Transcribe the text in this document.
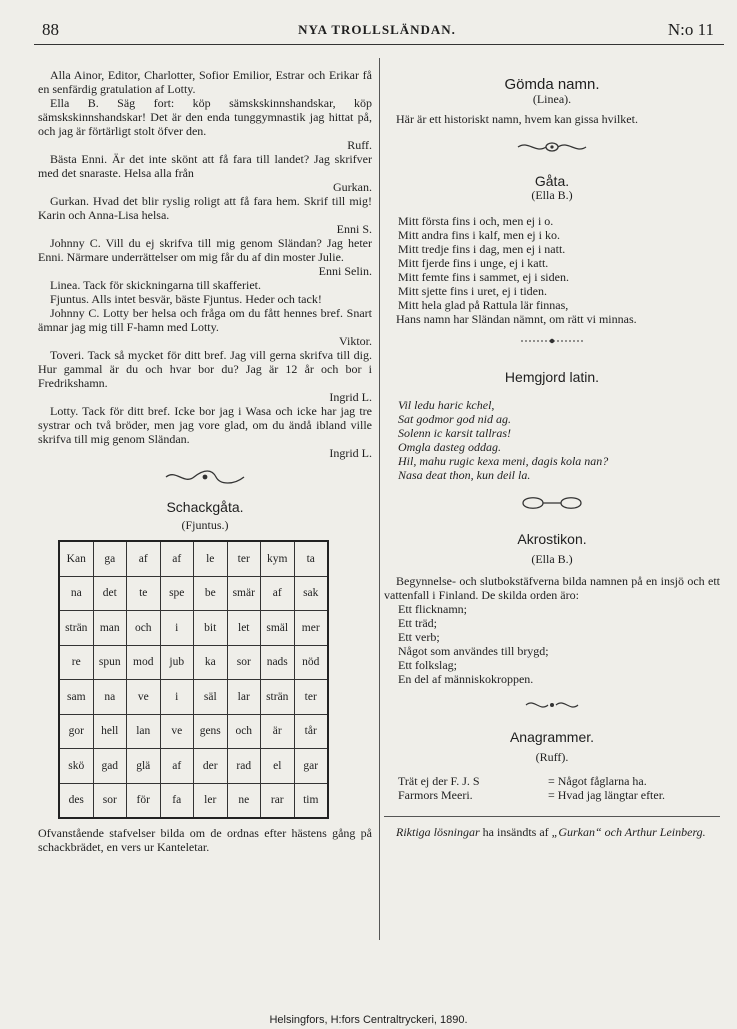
88	NYA TROLLSLÄNDAN.	N:o 11

Alla Ainor, Editor, Charlotter, Sofior Emilior, Estrar och Erikar få en senfärdig gratulation af Lotty.

Ella B. Säg fort: köp sämskskinnshandskar, köp sämskskinnshandskar! Det är den enda tunggymnastik jag hittat på, och jag är förtärligt stolt öfver den.

Ruff.

Bästa Enni. Är det inte skönt att få fara till landet? Jag skrifver med det snaraste. Helsa alla från

Gurkan.

Gurkan. Hvad det blir ryslig roligt att få fara hem. Skrif till mig! Karin och Anna-Lisa helsa.

Enni S.

Johnny C. Vill du ej skrifva till mig genom Sländan? Jag heter Enni. Närmare underrättelser om mig får du af din moster Julie.

Enni Selin.

Linea. Tack för skickningarna till skafferiet.

Fjuntus. Alls intet besvär, bäste Fjuntus. Heder och tack!

Johnny C. Lotty ber helsa och fråga om du fått hennes bref. Snart ämnar jag mig till F-hamn med Lotty.

Viktor.

Toveri. Tack så mycket för ditt bref. Jag vill gerna skrifva till dig. Hur gammal är du och hvar bor du? Jag är 12 år och bor i Fredrikshamn.

Ingrid L.

Lotty. Tack för ditt bref. Icke bor jag i Wasa och icke har jag tre systrar och två bröder, men jag vore glad, om du ändå ibland ville skrifva till mig genom Sländan.

Ingrid L.

Schackgåta.
(Fjuntus.)
Kan	ga	af	af	le	ter	kym	ta
na	det	te	spe	be	smär	af	sak
strän	man	och	i	bit	let	smäl	mer
re	spun	mod	jub	ka	sor	nads	nöd
sam	na	ve	i	säl	lar	strän	ter
gor	hell	lan	ve	gens	och	är	tår
skö	gad	glä	af	der	rad	el	gar
des	sor	för	fa	ler	ne	rar	tim

Ofvanstående stafvelser bilda om de ordnas efter hästens gång på schackbrädet, en vers ur Kanteletar.

Gömda namn.
(Linea).

Här är ett historiskt namn, hvem kan gissa hvilket.

Gåta.
(Ella B.)

Mitt första fins i och, men ej i o.

Mitt andra fins i kalf, men ej i ko.

Mitt tredje fins i dag, men ej i natt.

Mitt fjerde fins i unge, ej i katt.

Mitt femte fins i sammet, ej i siden.

Mitt sjette fins i uret, ej i tiden.

Mitt hela glad på Rattula lär finnas,

Hans namn har Sländan nämnt, om rätt vi minnas.

Hemgjord latin.

Vil ledu haric kchel,

Sat godmor god nid ag.

Solenn ic karsit tallras!

Omgla dasteg oddag.

Hil, mahu rugic kexa meni, dagis kola nan?

Nasa deat thon, kun deil la.

Akrostikon.
(Ella B.)

Begynnelse- och slutbokstäfverna bilda namnen på en insjö och ett vattenfall i Finland. De skilda orden äro:

Ett flicknamn;

Ett träd;

Ett verb;

Något som användes till brygd;

Ett folkslag;

En del af människokroppen.

Anagrammer.
(Ruff).
Trät ej der F. J. S	= Något fåglarna ha.
Farmors Meeri.	= Hvad jag längtar efter.

Riktiga lösningar ha insändts af „Gurkan“ och Arthur Leinberg.

Helsingfors, H:fors Centraltryckeri, 1890.
